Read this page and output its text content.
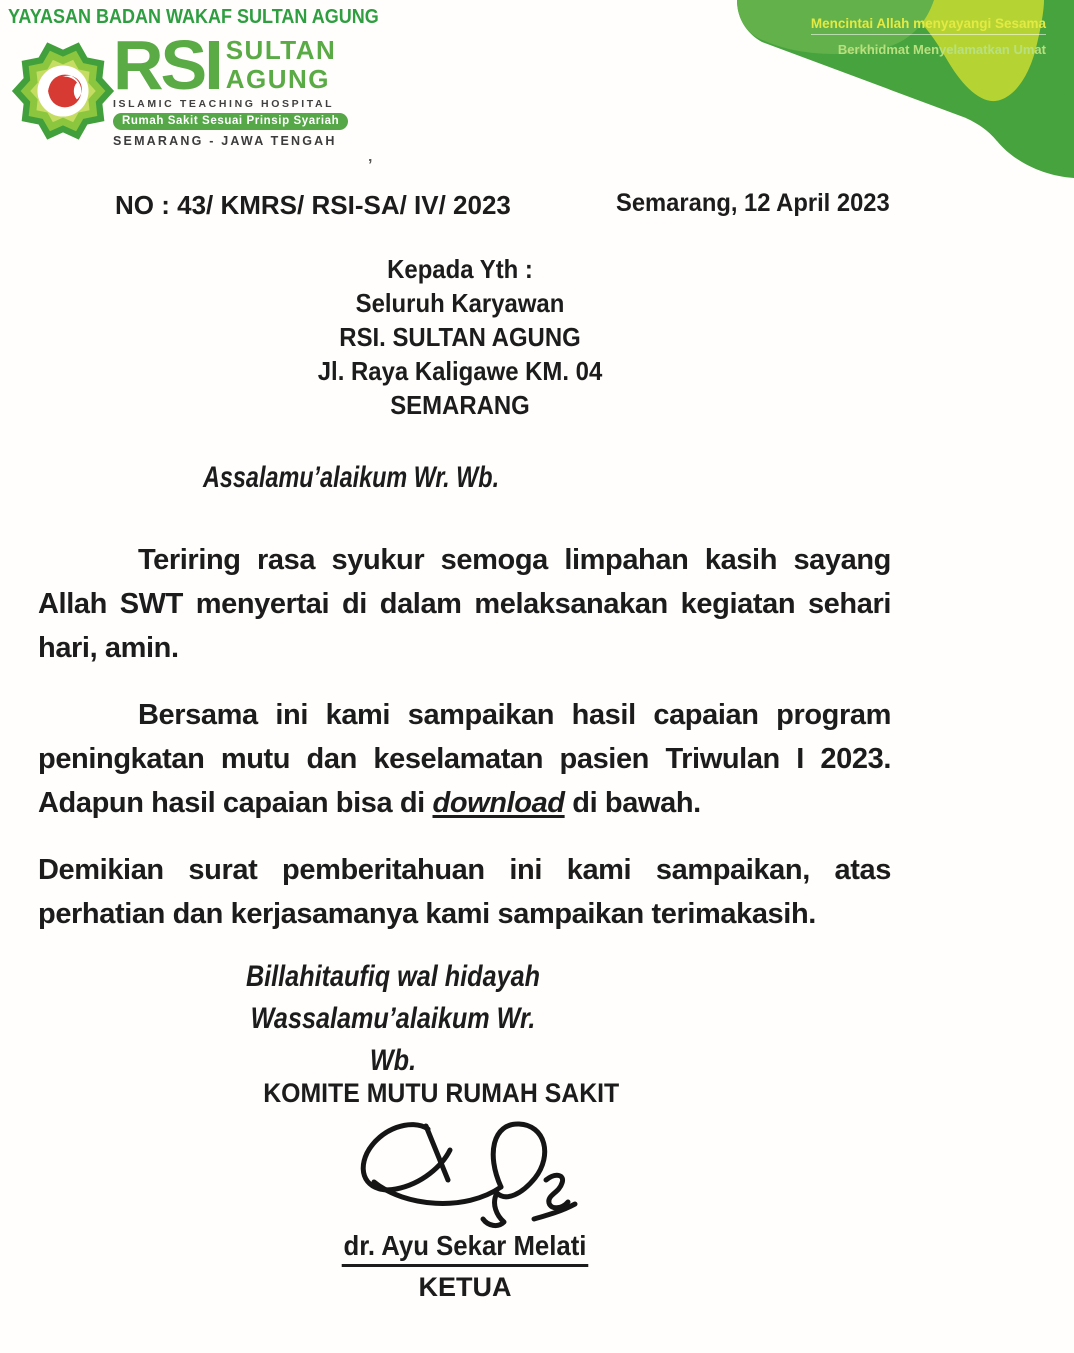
YAYASAN BADAN WAKAF SULTAN AGUNG
RSI SULTAN
AGUNG
ISLAMIC TEACHING HOSPITAL
Rumah Sakit Sesuai Prinsip Syariah
SEMARANG - JAWA TENGAH
Mencintai Allah menyayangi Sesama
Berkhidmat Menyelamatkan Umat
’
NO : 43/ KMRS/ RSI-SA/ IV/ 2023	Semarang, 12 April 2023
Kepada Yth :
Seluruh Karyawan
RSI. SULTAN AGUNG
Jl. Raya Kaligawe KM. 04
SEMARANG
Assalamu’alaikum Wr. Wb.

Teriring rasa syukur semoga limpahan kasih sayang Allah SWT menyertai di dalam melaksanakan kegiatan sehari hari, amin.

Bersama ini kami sampaikan hasil capaian program peningkatan mutu dan keselamatan pasien Triwulan I 2023. Adapun hasil capaian bisa di download di bawah.

Demikian surat pemberitahuan ini kami sampaikan, atas perhatian dan kerjasamanya kami sampaikan terimakasih.

Billahitaufiq wal hidayah
Wassalamu’alaikum Wr. Wb.
KOMITE MUTU RUMAH SAKIT
dr. Ayu Sekar Melati
KETUA
